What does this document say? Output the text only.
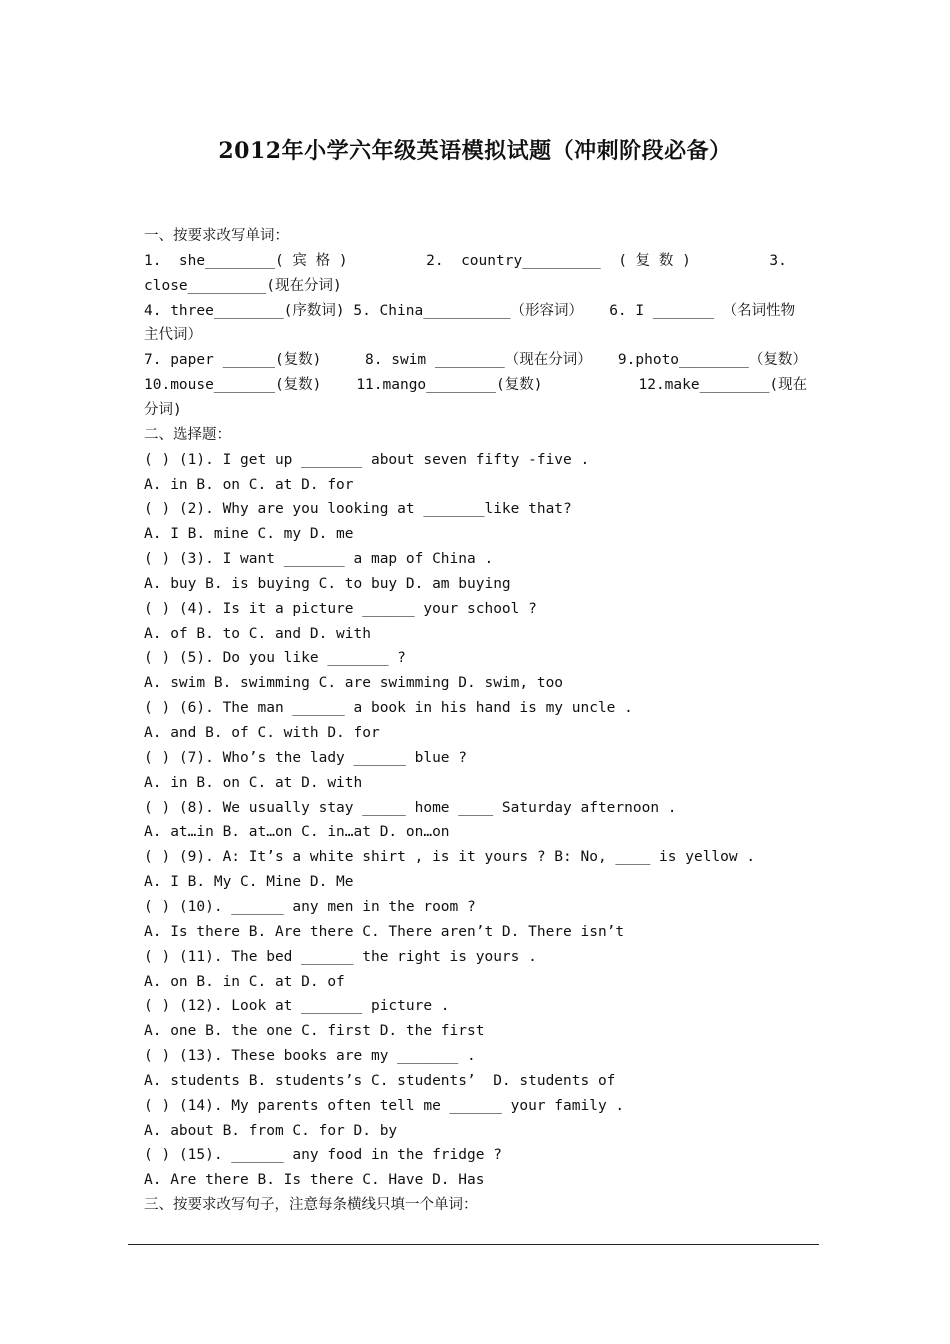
2012年小学六年级英语模拟试题（冲刺阶段必备）
一、按要求改写单词：
1.  she________( 宾 格 )         2.  country_________  ( 复 数 )         3.
close_________(现在分词)
4. three________(序数词) 5. China__________（形容词）   6. I _______ （名词性物
主代词）
7. paper ______(复数)     8. swim ________（现在分词）   9.photo________（复数）
10.mouse_______(复数)    11.mango________(复数)           12.make________(现在
分词)
二、选择题：
( ) (1). I get up _______ about seven fifty -five .
A. in B. on C. at D. for
( ) (2). Why are you looking at _______like that?
A. I B. mine C. my D. me
( ) (3). I want _______ a map of China .
A. buy B. is buying C. to buy D. am buying
( ) (4). Is it a picture ______ your school ?
A. of B. to C. and D. with
( ) (5). Do you like _______ ?
A. swim B. swimming C. are swimming D. swim, too
( ) (6). The man ______ a book in his hand is my uncle .
A. and B. of C. with D. for
( ) (7). Who’s the lady ______ blue ?
A. in B. on C. at D. with
( ) (8). We usually stay _____ home ____ Saturday afternoon .
A. at…in B. at…on C. in…at D. on…on
( ) (9). A: It’s a white shirt , is it yours ? B: No, ____ is yellow .
A. I B. My C. Mine D. Me
( ) (10). ______ any men in the room ?
A. Is there B. Are there C. There aren’t D. There isn’t
( ) (11). The bed ______ the right is yours .
A. on B. in C. at D. of
( ) (12). Look at _______ picture .
A. one B. the one C. first D. the first
( ) (13). These books are my _______ .
A. students B. students’s C. students’  D. students of
( ) (14). My parents often tell me ______ your family .
A. about B. from C. for D. by
( ) (15). ______ any food in the fridge ?
A. Are there B. Is there C. Have D. Has
三、按要求改写句子，注意每条横线只填一个单词：
